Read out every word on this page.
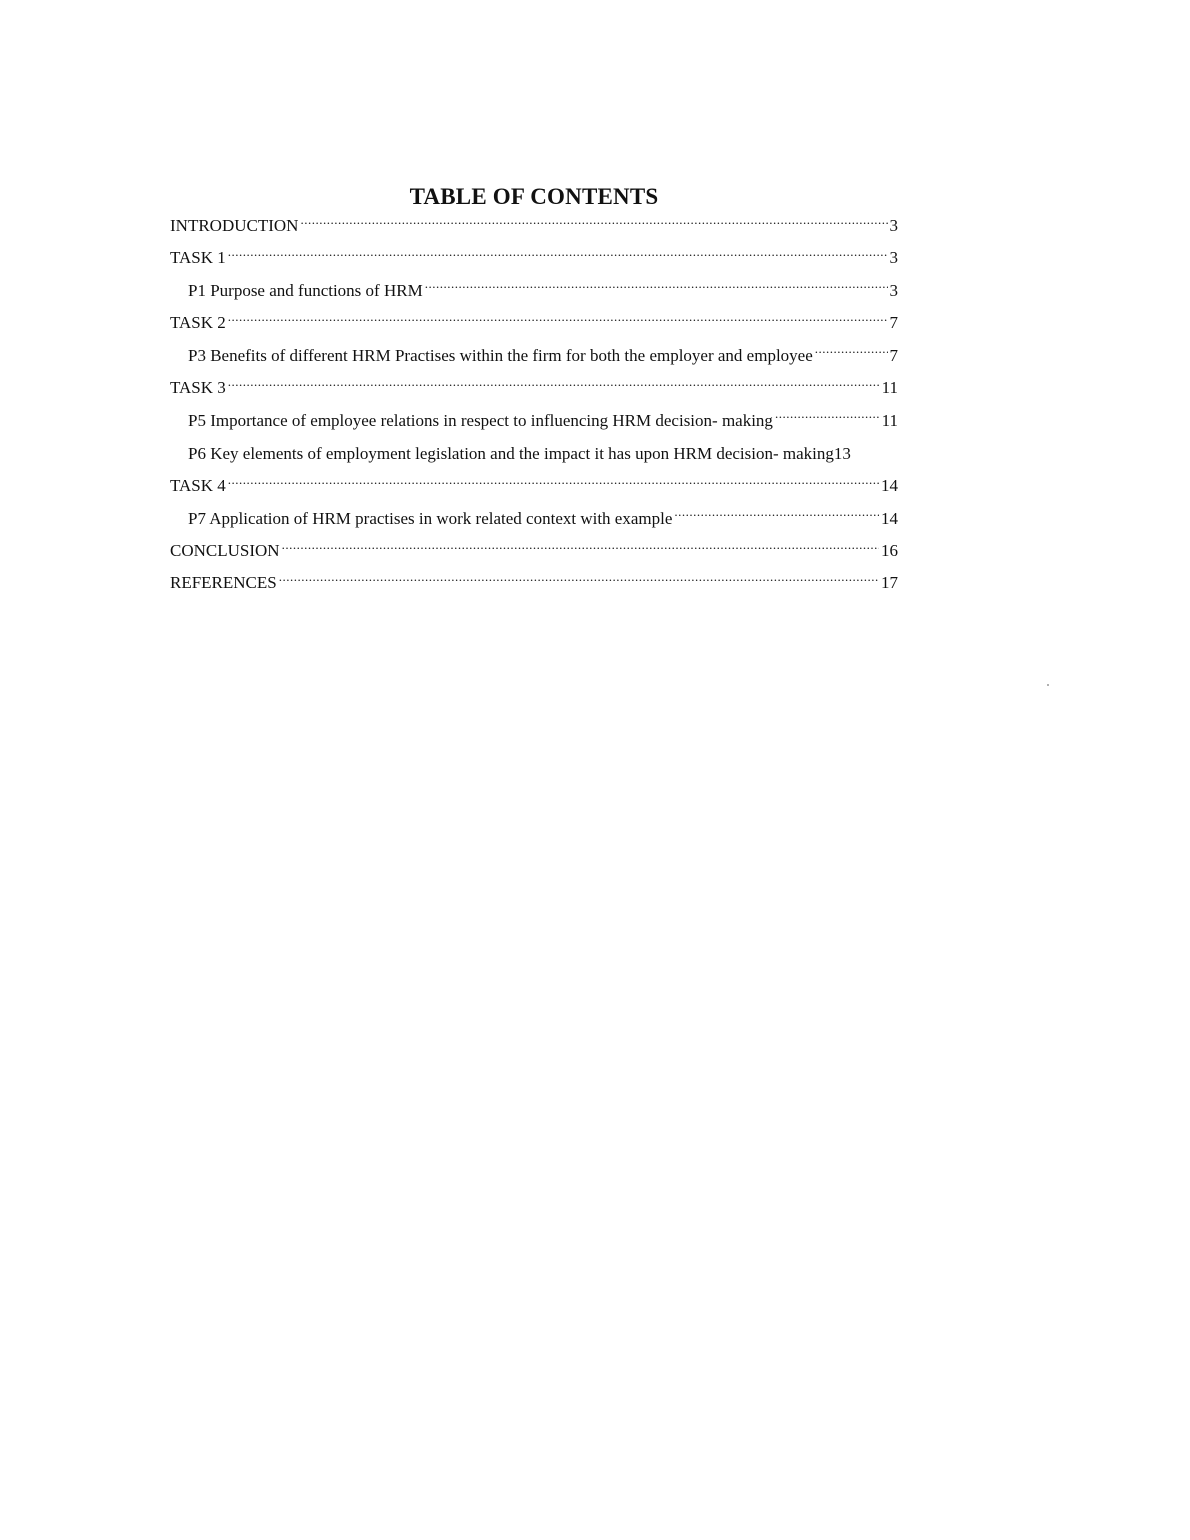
TABLE OF CONTENTS
INTRODUCTION .....	3
TASK 1 .....	3
P1 Purpose and functions of HRM .....	3
TASK 2 .....	7
P3 Benefits of different HRM Practises within the firm for both the employer and employee .....	7
TASK 3 .....	11
P5 Importance of employee relations in respect to influencing HRM decision- making .....	11
P6 Key elements of employment legislation and the impact it has upon HRM decision- making 13
TASK 4 .....	14
P7 Application of HRM practises in work related context with example .....	14
CONCLUSION .....	16
REFERENCES .....	17
